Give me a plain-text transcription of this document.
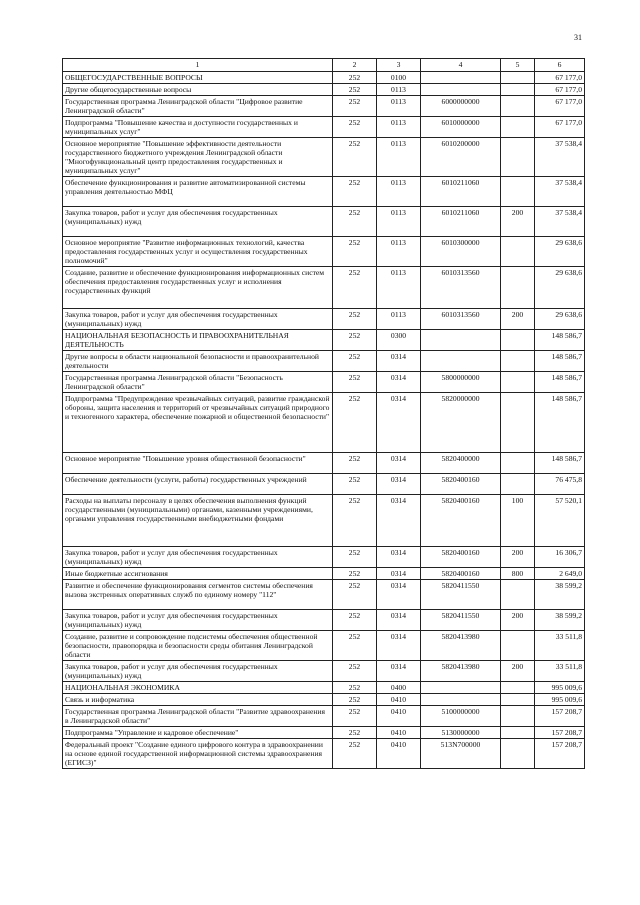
31
1	2	3	4	5	6
ОБЩЕГОСУДАРСТВЕННЫЕ ВОПРОСЫ	252	0100			67 177,0
Другие общегосударственные вопросы	252	0113			67 177,0
Государственная программа Ленинградской области "Цифровое развитие Ленинградской области"	252	0113	6000000000		67 177,0
Подпрограмма "Повышение качества и доступности государственных и муниципальных услуг"	252	0113	6010000000		67 177,0
Основное мероприятие "Повышение эффективности деятельности государственного бюджетного учреждения Ленинградской области "Многофункциональный центр предоставления государственных и муниципальных услуг"	252	0113	6010200000		37 538,4
Обеспечение функционирования и развитие автоматизированной системы управления деятельностью МФЦ	252	0113	6010211060		37 538,4
Закупка товаров, работ и услуг для обеспечения государственных (муниципальных) нужд	252	0113	6010211060	200	37 538,4
Основное мероприятие "Развитие информационных технологий, качества предоставления государственных услуг и осуществления государственных полномочий"	252	0113	6010300000		29 638,6
Создание, развитие и обеспечение функционирования информационных систем обеспечения предоставления государственных услуг и исполнения государственных функций	252	0113	6010313560		29 638,6
Закупка товаров, работ и услуг для обеспечения государственных (муниципальных) нужд	252	0113	6010313560	200	29 638,6
НАЦИОНАЛЬНАЯ БЕЗОПАСНОСТЬ И ПРАВООХРАНИТЕЛЬНАЯ ДЕЯТЕЛЬНОСТЬ	252	0300			148 586,7
Другие вопросы в области национальной безопасности и правоохранительной деятельности	252	0314			148 586,7
Государственная программа Ленинградской области "Безопасность Ленинградской области"	252	0314	5800000000		148 586,7
Подпрограмма "Предупреждение чрезвычайных ситуаций, развитие гражданской обороны, защита населения и территорий от чрезвычайных ситуаций природного и техногенного характера, обеспечение пожарной и общественной безопасности"	252	0314	5820000000		148 586,7
Основное мероприятие "Повышение уровня общественной безопасности"	252	0314	5820400000		148 586,7
Обеспечение деятельности (услуги, работы) государственных учреждений	252	0314	5820400160		76 475,8
Расходы на выплаты персоналу в целях обеспечения выполнения функций государственными (муниципальными) органами, казенными учреждениями, органами управления государственными внебюджетными фондами	252	0314	5820400160	100	57 520,1
Закупка товаров, работ и услуг для обеспечения государственных (муниципальных) нужд	252	0314	5820400160	200	16 306,7
Иные бюджетные ассигнования	252	0314	5820400160	800	2 649,0
Развитие и обеспечение функционирования сегментов системы обеспечения вызова экстренных оперативных служб по единому номеру "112"	252	0314	5820411550		38 599,2
Закупка товаров, работ и услуг для обеспечения государственных (муниципальных) нужд	252	0314	5820411550	200	38 599,2
Создание, развитие и сопровождение подсистемы обеспечения общественной безопасности, правопорядка и безопасности среды обитания Ленинградской области	252	0314	5820413980		33 511,8
Закупка товаров, работ и услуг для обеспечения государственных (муниципальных) нужд	252	0314	5820413980	200	33 511,8
НАЦИОНАЛЬНАЯ ЭКОНОМИКА	252	0400			995 009,6
Связь и информатика	252	0410			995 009,6
Государственная программа Ленинградской области "Развитие здравоохранения в Ленинградской области"	252	0410	5100000000		157 208,7
Подпрограмма "Управление и кадровое обеспечение"	252	0410	5130000000		157 208,7
Федеральный проект "Создание единого цифрового контура в здравоохранении на основе единой государственной информационной системы здравоохранения (ЕГИСЗ)"	252	0410	513N700000		157 208,7
